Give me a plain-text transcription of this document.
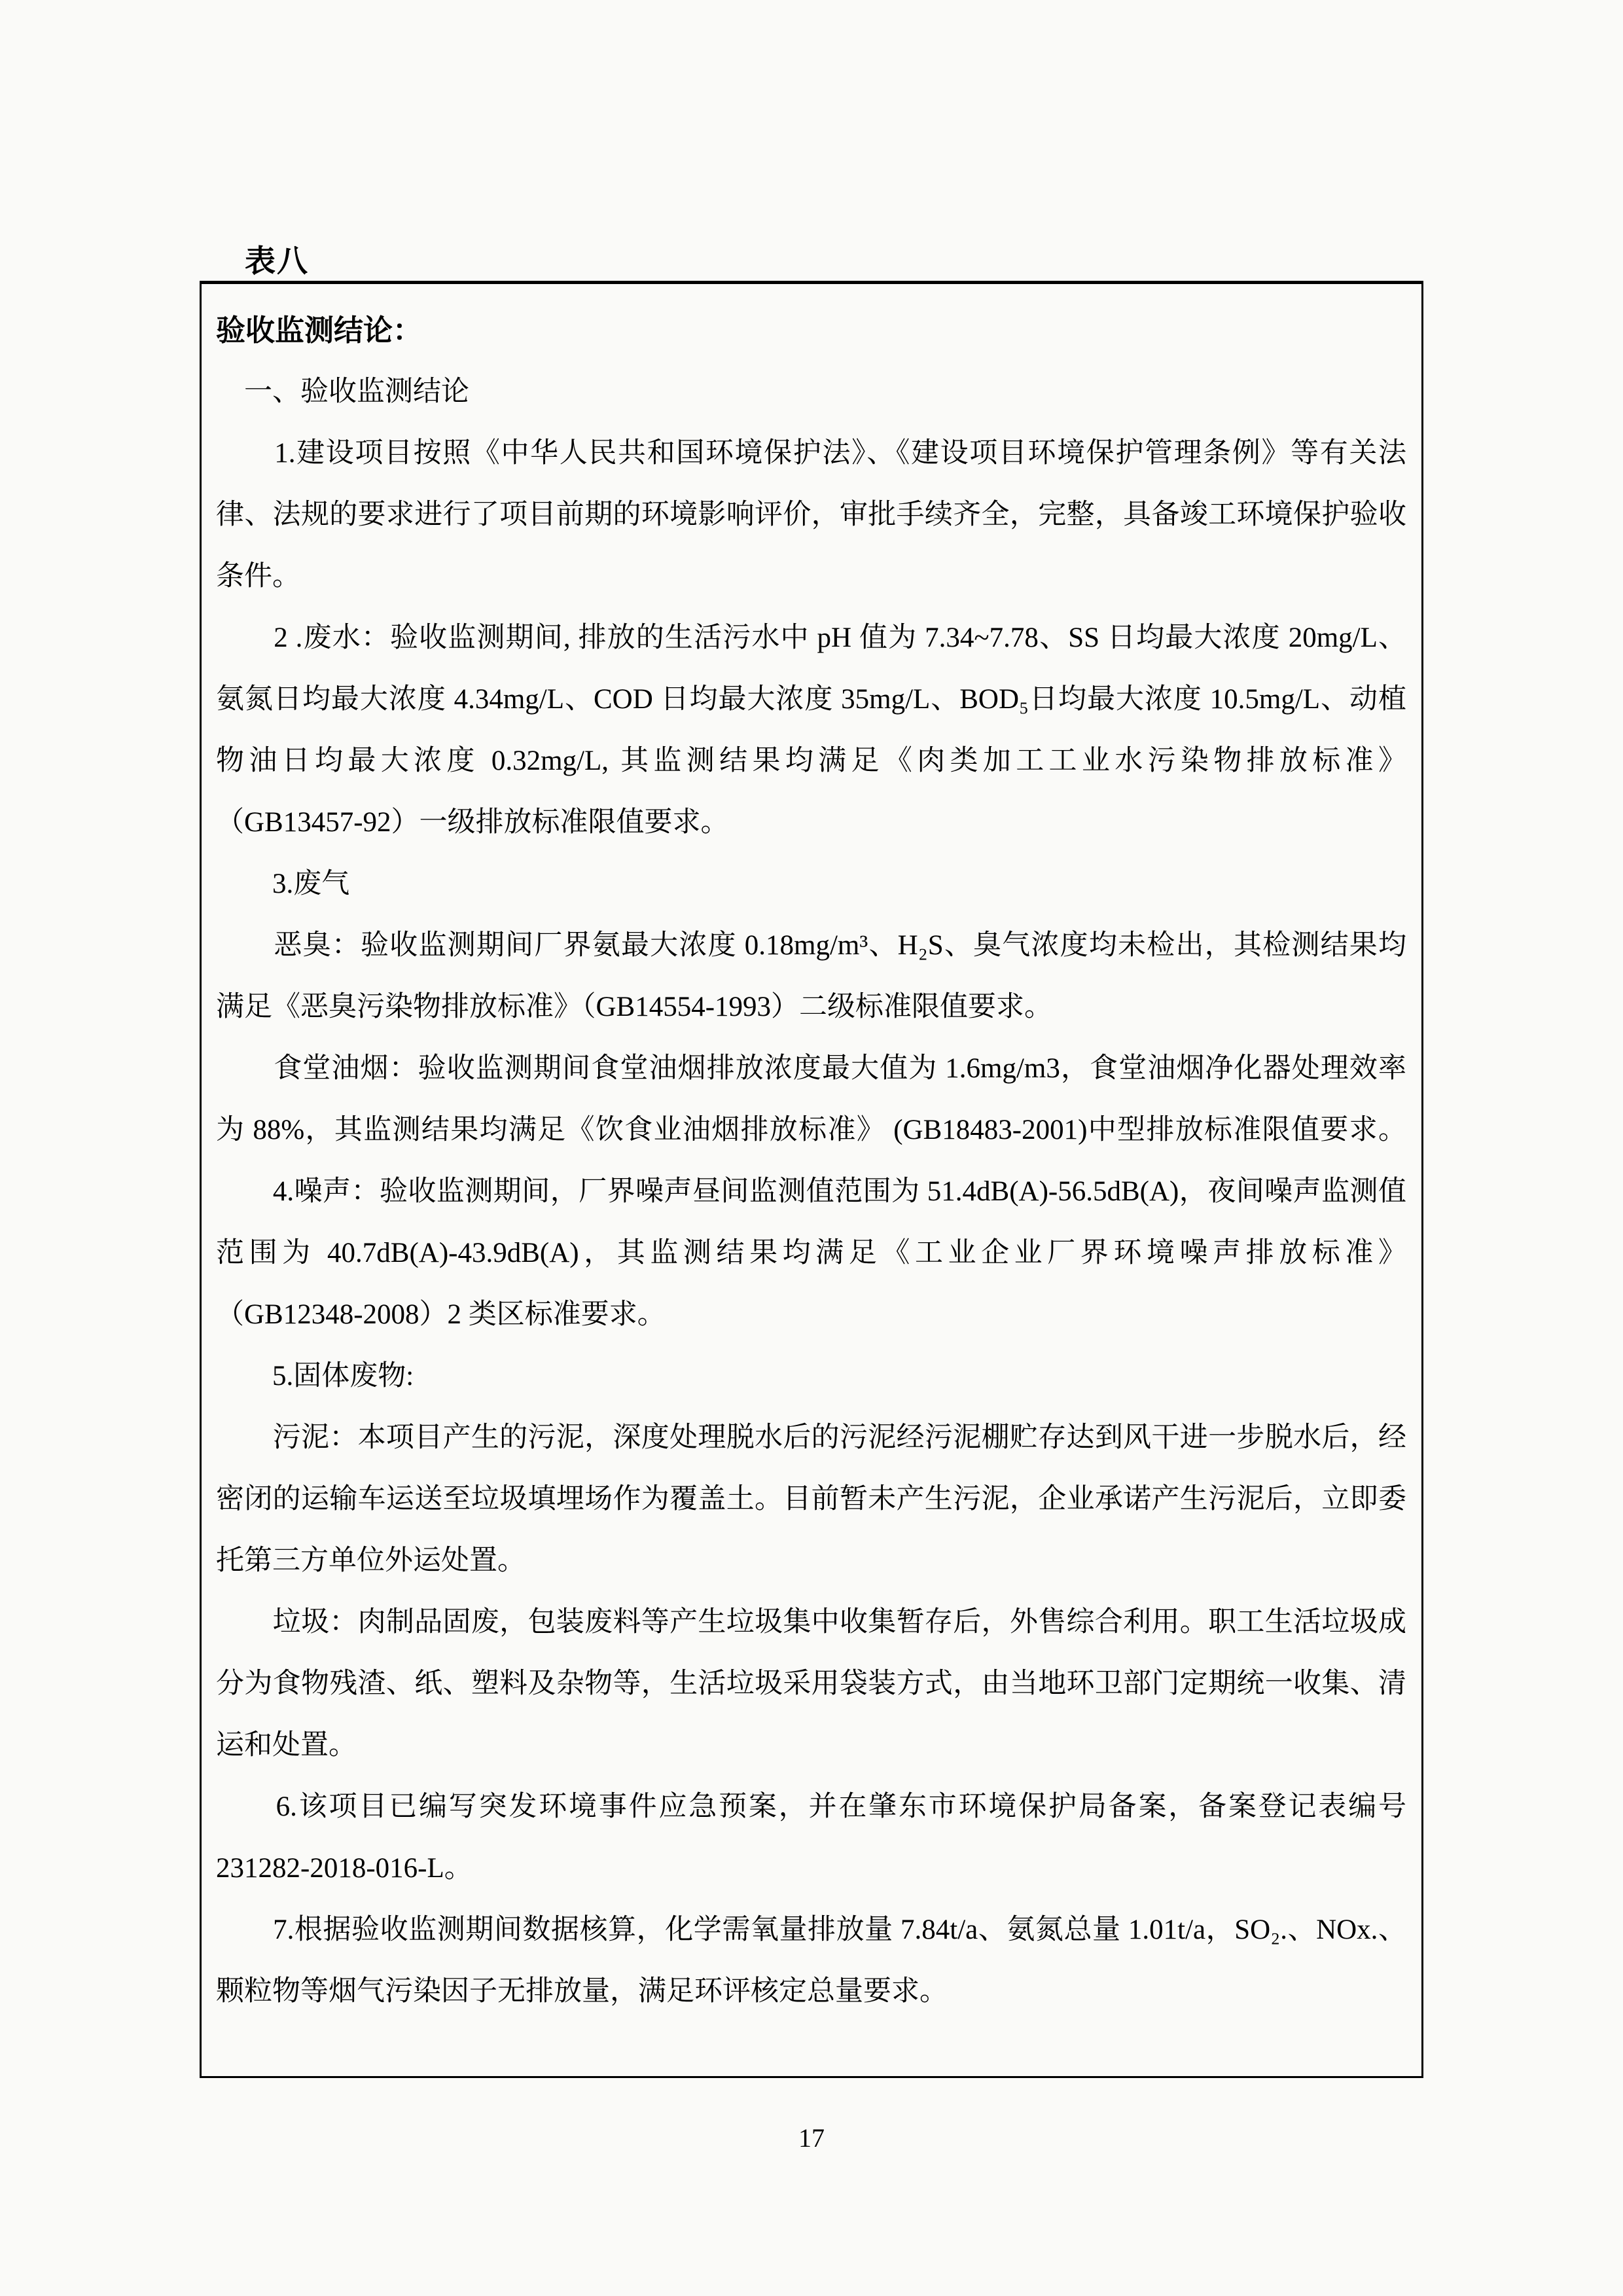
表八
验收监测结论：
　一、验收监测结论
　　1.建设项目按照《中华人民共和国环境保护法》、《建设项目环境保护管理条例》等有关法
律、法规的要求进行了项目前期的环境影响评价，审批手续齐全，完整，具备竣工环境保护验收
条件。
　　2 .废水：验收监测期间, 排放的生活污水中 pH 值为 7.34~7.78、SS 日均最大浓度 20mg/L、
氨氮日均最大浓度 4.34mg/L、COD 日均最大浓度 35mg/L、BOD₅日均最大浓度 10.5mg/L、动植
物油日均最大浓度 0.32mg/L, 其监测结果均满足《肉类加工工业水污染物排放标准》
（GB13457-92）一级排放标准限值要求。
　　3.废气
　　恶臭：验收监测期间厂界氨最大浓度 0.18mg/m³、H₂S、臭气浓度均未检出，其检测结果均
满足《恶臭污染物排放标准》（GB14554-1993）二级标准限值要求。
　　食堂油烟：验收监测期间食堂油烟排放浓度最大值为 1.6mg/m3，食堂油烟净化器处理效率
为 88%，其监测结果均满足《饮食业油烟排放标准》 (GB18483-2001)中型排放标准限值要求。
　　4.噪声：验收监测期间，厂界噪声昼间监测值范围为 51.4dB(A)-56.5dB(A)，夜间噪声监测值
范围为 40.7dB(A)-43.9dB(A)，其监测结果均满足《工业企业厂界环境噪声排放标准》
（GB12348-2008）2 类区标准要求。
　　5.固体废物:
　　污泥：本项目产生的污泥，深度处理脱水后的污泥经污泥棚贮存达到风干进一步脱水后，经
密闭的运输车运送至垃圾填埋场作为覆盖土。目前暂未产生污泥，企业承诺产生污泥后，立即委
托第三方单位外运处置。
　　垃圾：肉制品固废，包装废料等产生垃圾集中收集暂存后，外售综合利用。职工生活垃圾成
分为食物残渣、纸、塑料及杂物等，生活垃圾采用袋装方式，由当地环卫部门定期统一收集、清
运和处置。
　　6.该项目已编写突发环境事件应急预案，并在肇东市环境保护局备案，备案登记表编号
231282-2018-016-L。
　　7.根据验收监测期间数据核算，化学需氧量排放量 7.84t/a、氨氮总量 1.01t/a，SO₂.、NOx.、
颗粒物等烟气污染因子无排放量，满足环评核定总量要求。
17
